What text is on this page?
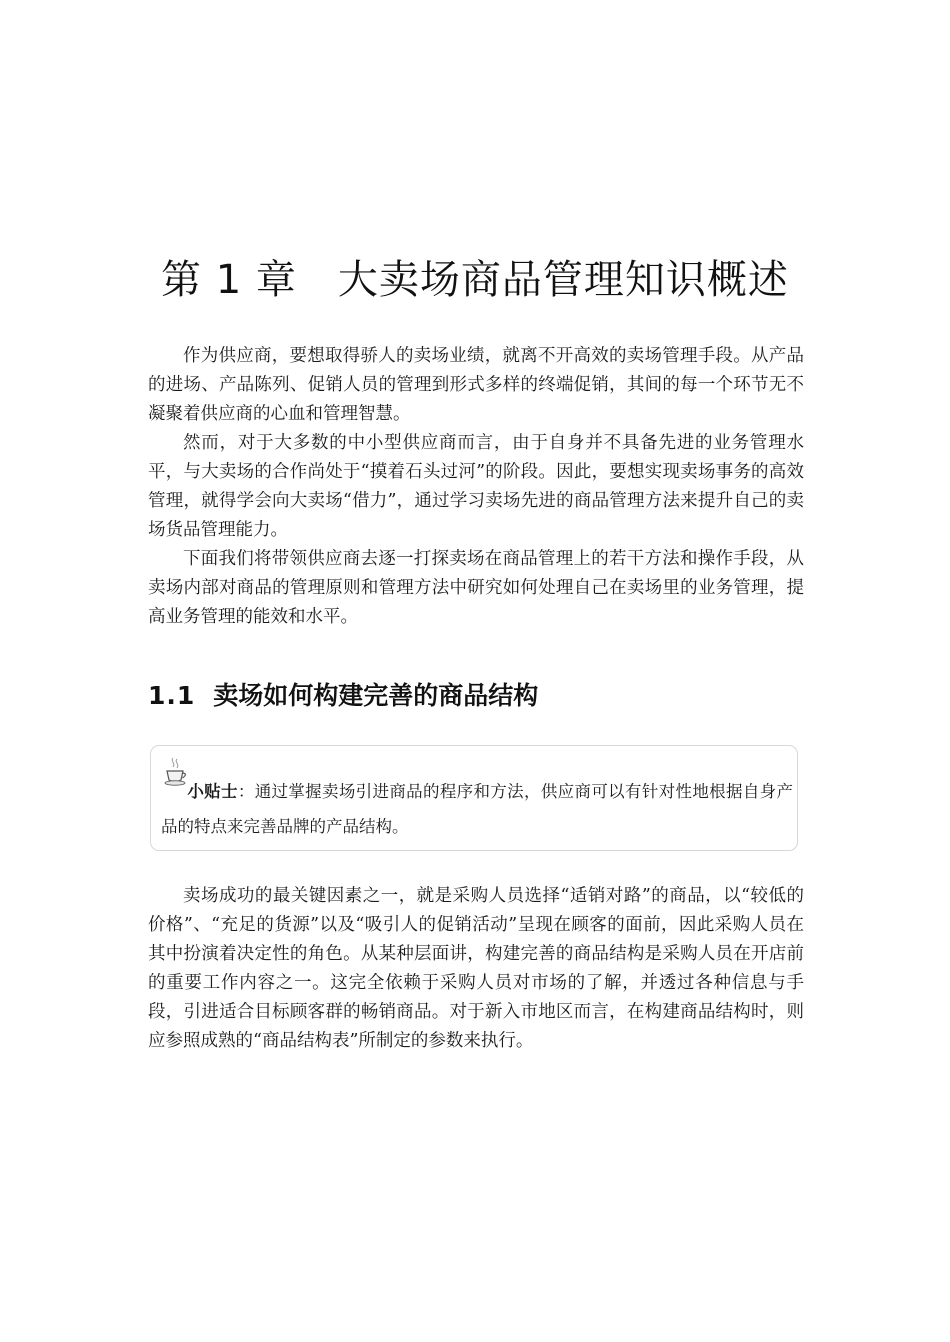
第 1 章　大卖场商品管理知识概述

作为供应商，要想取得骄人的卖场业绩，就离不开高效的卖场管理手段。从产品的进场、产品陈列、促销人员的管理到形式多样的终端促销，其间的每一个环节无不凝聚着供应商的心血和管理智慧。

然而，对于大多数的中小型供应商而言，由于自身并不具备先进的业务管理水平，与大卖场的合作尚处于“摸着石头过河”的阶段。因此，要想实现卖场事务的高效管理，就得学会向大卖场“借力”，通过学习卖场先进的商品管理方法来提升自己的卖场货品管理能力。

下面我们将带领供应商去逐一打探卖场在商品管理上的若干方法和操作手段，从卖场内部对商品的管理原则和管理方法中研究如何处理自己在卖场里的业务管理，提高业务管理的能效和水平。

1.1 卖场如何构建完善的商品结构
小贴士：通过掌握卖场引进商品的程序和方法，供应商可以有针对性地根据自身产品的特点来完善品牌的产品结构。

卖场成功的最关键因素之一，就是采购人员选择“适销对路”的商品，以“较低的价格”、“充足的货源”以及“吸引人的促销活动”呈现在顾客的面前，因此采购人员在其中扮演着决定性的角色。从某种层面讲，构建完善的商品结构是采购人员在开店前的重要工作内容之一。这完全依赖于采购人员对市场的了解，并透过各种信息与手段，引进适合目标顾客群的畅销商品。对于新入市地区而言，在构建商品结构时，则应参照成熟的“商品结构表”所制定的参数来执行。
